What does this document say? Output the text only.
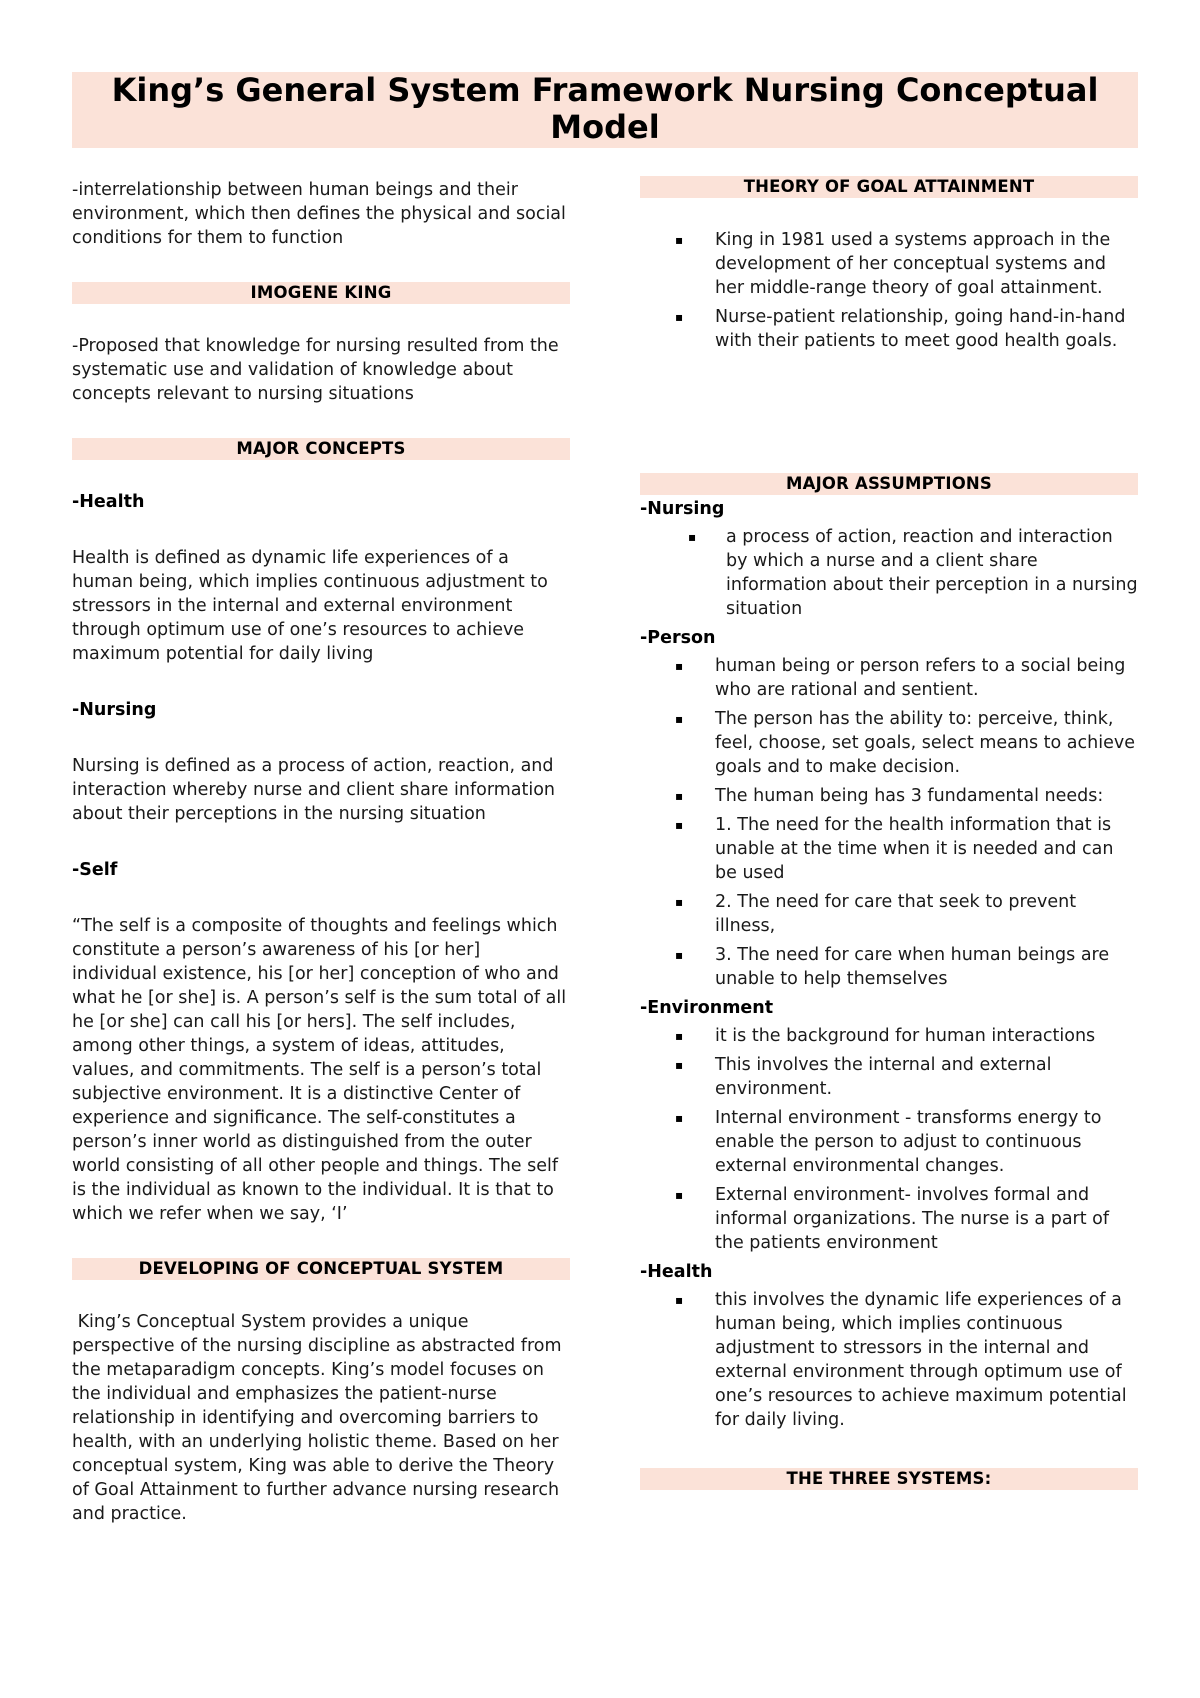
King’s General System Framework Nursing Conceptual Model

-interrelationship between human beings and their environment, which then defines the physical and social conditions for them to function

IMOGENE KING

-Proposed that knowledge for nursing resulted from the systematic use and validation of knowledge about concepts relevant to nursing situations

MAJOR CONCEPTS

-Health

Health is defined as dynamic life experiences of a human being, which implies continuous adjustment to stressors in the internal and external environment through optimum use of one’s resources to achieve maximum potential for daily living

-Nursing

Nursing is defined as a process of action, reaction, and interaction whereby nurse and client share information about their perceptions in the nursing situation

-Self

“The self is a composite of thoughts and feelings which constitute a person’s awareness of his [or her] individual existence, his [or her] conception of who and what he [or she] is. A person’s self is the sum total of all he [or she] can call his [or hers]. The self includes, among other things, a system of ideas, attitudes, values, and commitments. The self is a person’s total subjective environment. It is a distinctive Center of experience and significance. The self-constitutes a person’s inner world as distinguished from the outer world consisting of all other people and things. The self is the individual as known to the individual. It is that to which we refer when we say, ‘I’

DEVELOPING OF CONCEPTUAL SYSTEM

King’s Conceptual System provides a unique perspective of the nursing discipline as abstracted from the metaparadigm concepts. King’s model focuses on the individual and emphasizes the patient-nurse relationship in identifying and overcoming barriers to health, with an underlying holistic theme. Based on her conceptual system, King was able to derive the Theory of Goal Attainment to further advance nursing research and practice.

THEORY OF GOAL ATTAINMENT
▪ King in 1981 used a systems approach in the development of her conceptual systems and her middle-range theory of goal attainment.
▪ Nurse-patient relationship, going hand-in-hand with their patients to meet good health goals.
MAJOR ASSUMPTIONS

-Nursing

▪ a process of action, reaction and interaction by which a nurse and a client share information about their perception in a nursing situation

-Person

▪ human being or person refers to a social being who are rational and sentient.
▪ The person has the ability to: perceive, think, feel, choose, set goals, select means to achieve goals and to make decision.
▪ The human being has 3 fundamental needs:
▪ 1. The need for the health information that is unable at the time when it is needed and can be used
▪ 2. The need for care that seek to prevent illness,
▪ 3. The need for care when human beings are unable to help themselves

-Environment

▪ it is the background for human interactions
▪ This involves the internal and external environment.
▪ Internal environment - transforms energy to enable the person to adjust to continuous external environmental changes.
▪ External environment- involves formal and informal organizations. The nurse is a part of the patients environment

-Health

▪ this involves the dynamic life experiences of a human being, which implies continuous adjustment to stressors in the internal and external environment through optimum use of one’s resources to achieve maximum potential for daily living.
THE THREE SYSTEMS:
